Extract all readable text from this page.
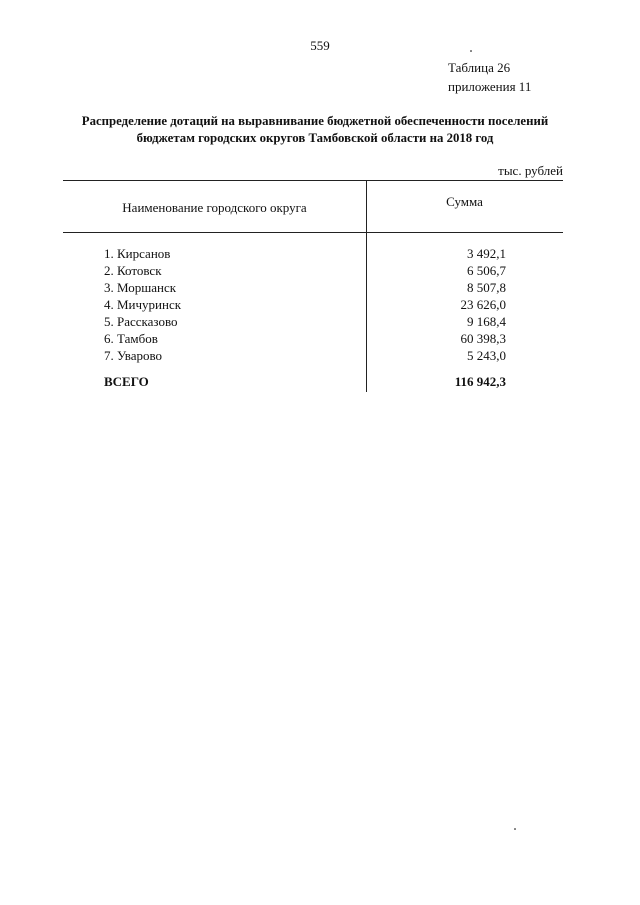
559
Таблица 26
приложения 11
Распределение дотаций на выравнивание бюджетной обеспеченности поселений
бюджетам городских округов Тамбовской области на 2018 год
тыс. рублей
Наименование городского округа	Сумма
1. Кирсанов	3 492,1
2. Котовск	6 506,7
3. Моршанск	8 507,8
4. Мичуринск	23 626,0
5. Рассказово	9 168,4
6. Тамбов	60 398,3
7. Уварово	5 243,0
ВСЕГО	116 942,3
